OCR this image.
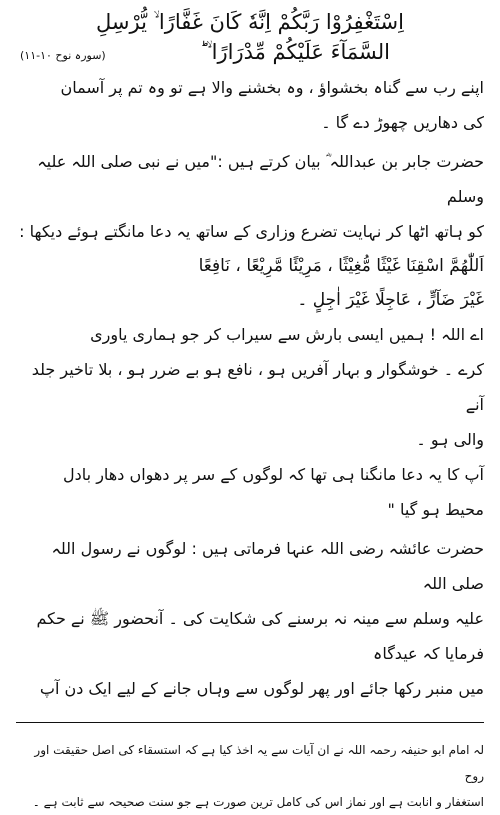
اِسْتَغْفِرُوْا رَبَّكُمْ اِنَّهٗ كَانَ غَفَّارًا ۙ يُّرْسِلِ
السَّمَآءَ عَلَيْكُمْ مِّدْرَارًا ۙ ؕ
(سورہ نوح ۱۰-۱۱)

اپنے رب سے گناہ بخشواؤ ، وہ بخشنے والا ہے تو وہ تم پر آسمان

کی دھاریں چھوڑ دے گا ۔

حضرت جابر بن عبداللہ ؓ بیان کرتے ہیں :"میں نے نبی صلی اللہ علیہ وسلم

کو ہاتھ اٹھا کر نہایت تضرع وزاری کے ساتھ یہ دعا مانگتے ہوئے دیکھا :

اَللّٰهُمَّ اسْقِنَا غَيْثًا مُّغِيْثًا ، مَرِيْئًا مَّرِيْعًا ، نَافِعًا

غَيْرَ ضَآرٍّ ، عَاجِلًا غَيْرَ اٰجِلٍ ۔

اے اللہ ! ہمیں ایسی بارش سے سیراب کر جو ہماری یاوری

کرے ۔ خوشگوار و بہار آفریں ہو ، نافع ہو بے ضرر ہو ، بلا تاخیر جلد آنے

والی ہو ۔

آپ کا یہ دعا مانگنا ہی تھا کہ لوگوں کے سر پر دھواں دھار بادل

محیط ہو گیا "

حضرت عائشہ رضی اللہ عنہا فرماتی ہیں : لوگوں نے رسول اللہ صلی اللہ

علیہ وسلم سے مینہ نہ برسنے کی شکایت کی ۔ آنحضور ﷺ نے حکم فرمایا کہ عیدگاہ

میں منبر رکھا جائے اور پھر لوگوں سے وہاں جانے کے لیے ایک دن آپ

لہ امام ابو حنیفہ رحمہ اللہ نے ان آیات سے یہ اخذ کیا ہے کہ استسقاء کی اصل حقیقت اور روح

استغفار و انابت ہے اور نماز اس کی کامل ترین صورت ہے جو سنت صحیحہ سے ثابت ہے ۔
